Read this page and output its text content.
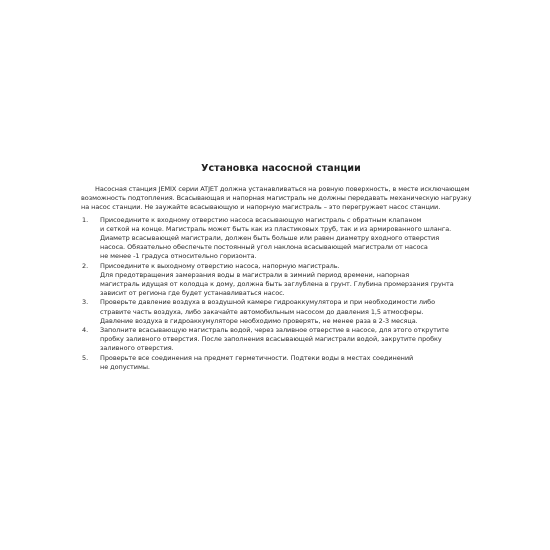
Установка насосной станции

Насосная станция JEMIX серии ATJET должна устанавливаться на ровную поверхность, в месте исключающем возможность подтопления. Всасывающая и напорная магистраль не должны передавать механическую нагрузку на насос станции. Не заужайте всасывающую и напорную магистраль – это перегружает насос станции.

1. Присоедините к входному отверстию насоса всасывающую магистраль с обратным клапаном
и сеткой на конце. Магистраль может быть как из пластиковых труб, так и из армированного шланга.
Диаметр всасывающей магистрали, должен быть больше или равен диаметру входного отверстия
насоса. Обязательно обеспечьте постоянный угол наклона всасывающей магистрали от насоса
не менее -1 градуса относительно горизонта.
2. Присоедините к выходному отверстию насоса, напорную магистраль.
Для предотвращения замерзания воды в магистрали в зимний период времени, напорная
магистраль идущая от колодца к дому, должна быть заглублена в грунт. Глубина промерзания грунта
зависит от региона где будет устанавливаться насос.
3. Проверьте давление воздуха в воздушной камере гидроаккумулятора и при необходимости либо
стравите часть воздуха, либо закачайте автомобильным насосом до давления 1,5 атмосферы.
Давление воздуха в гидроаккумуляторе необходимо проверять, не менее раза в 2-3 месяца.
4. Заполните всасывающую магистраль водой, через заливное отверстие в насосе, для этого открутите
пробку заливного отверстия. После заполнения всасывающей магистрали водой, закрутите пробку
заливного отверстия.
5. Проверьте все соединения на предмет герметичности. Подтеки воды в местах соединений
не допустимы.
